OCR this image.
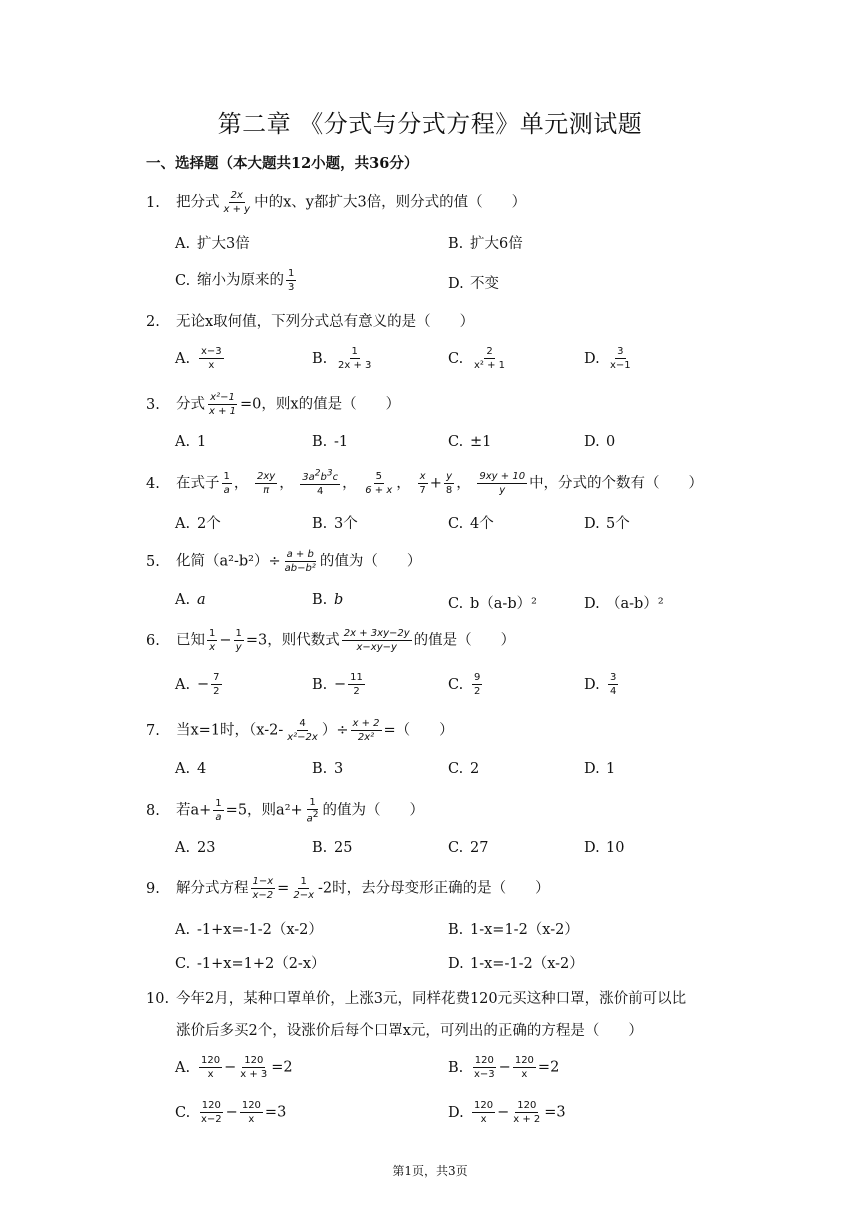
第二章 《分式与分式方程》单元测试题
一、选择题（本大题共12小题，共36分）
1. 把分式 $\frac{2x}{x + y}$ 中的x、y都扩大3倍，则分式的值（　　）
A. 扩大3倍	B. 扩大6倍
C. 缩小为原来的 $\frac{1}{3}$	D. 不变
2. 无论x取何值，下列分式总有意义的是（　　）
A. $\frac{x-3}{x}$	B. $\frac{1}{2x + 3}$	C. $\frac{2}{\text{x² + 1}}$	D. $\frac{3}{x-1}$
3. 分式 $\frac{\text{x²−1}}{x + 1} =0$，则x的值是（　　）
A. 1	B. -1	C. ±1	D. 0
4. 在式子 $\frac{1}{a}$ ， $\frac{2xy}{\pi}$ ， $\frac{3a^2b^3c}{4}$ ， $\frac{5}{6 + x}$ ， $\frac{x}{7} + \frac{y}{8}$ ， $\frac{9xy + 10}{y}$ 中，分式的个数有（　　）
A. 2个	B. 3个	C. 4个	D. 5个
5. 化简$(a^2-b^2)\div \frac{a + b}{\text{ab−b²}}$ 的值为（　　）
A. a	B. b	C. b（a-b）²	D. （a-b）²
6. 已知 $\frac{1}{x} - \frac{1}{y} =3$，则代数式 $\frac{2x + 3xy-2y}{x-xy-y}$ 的值是（　　）
A. − $\frac{7}{2}$	B. − $\frac{11}{2}$	C. $\frac{9}{2}$	D. $\frac{3}{4}$
7. 当x=1时，（$x-2- \frac{4}{\text{x²−2x}}$ ）÷ $\frac{x + 2}{\text{2x²}}$ =（　　）
A. 4	B. 3	C. 2	D. 1
8. 若$a+ \frac{1}{a} =5$，则$a^2+ \frac{1}{a^2}$ 的值为（　　）
A. 23	B. 25	C. 27	D. 10
9. 解分式方程 $\frac{1-x}{x-2} = \frac{1}{2-x} -2$时，去分母变形正确的是（　　）
A. -1+x=-1-2（x-2）	B. 1-x=1-2（x-2）
C. -1+x=1+2（2-x）	D. 1-x=-1-2（x-2）
10. 今年2月，某种口罩单价，上涨3元，同样花费120元买这种口罩，涨价前可以比
涨价后多买2个，设涨价后每个口罩x元，可列出的正确的方程是（　　）
A. $\frac{120}{x} - \frac{120}{x + 3} =2$	B. $\frac{120}{x-3} - \frac{120}{x} =2$
C. $\frac{120}{x-2} - \frac{120}{x} =3$	D. $\frac{120}{x} - \frac{120}{x + 2} =3$
第1页，共3页
